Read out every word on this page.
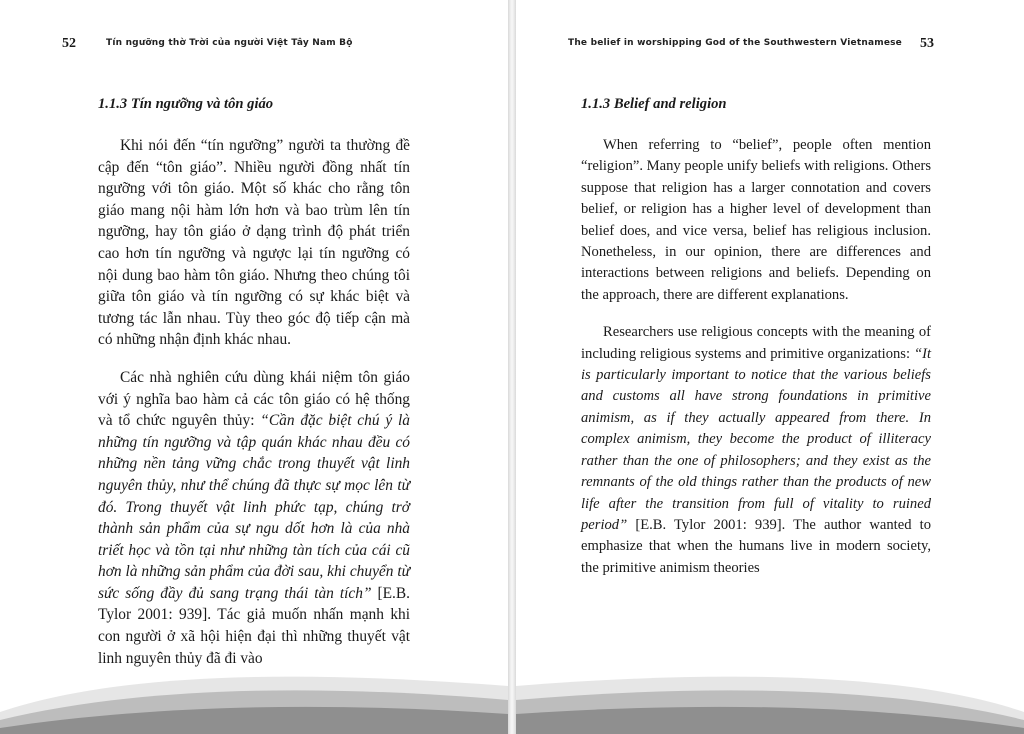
52	Tín ngưỡng thờ Trời của người Việt Tây Nam Bộ
1.1.3 Tín ngưỡng và tôn giáo

Khi nói đến “tín ngưỡng” người ta thường đề cập đến “tôn giáo”. Nhiều người đồng nhất tín ngưỡng với tôn giáo. Một số khác cho rằng tôn giáo mang nội hàm lớn hơn và bao trùm lên tín ngưỡng, hay tôn giáo ở dạng trình độ phát triển cao hơn tín ngưỡng và ngược lại tín ngưỡng có nội dung bao hàm tôn giáo. Nhưng theo chúng tôi giữa tôn giáo và tín ngưỡng có sự khác biệt và tương tác lẫn nhau. Tùy theo góc độ tiếp cận mà có những nhận định khác nhau.

Các nhà nghiên cứu dùng khái niệm tôn giáo với ý nghĩa bao hàm cả các tôn giáo có hệ thống và tổ chức nguyên thủy: “Cần đặc biệt chú ý là những tín ngưỡng và tập quán khác nhau đều có những nền tảng vững chắc trong thuyết vật linh nguyên thủy, như thể chúng đã thực sự mọc lên từ đó. Trong thuyết vật linh phức tạp, chúng trở thành sản phẩm của sự ngu dốt hơn là của nhà triết học và tồn tại như những tàn tích của cái cũ hơn là những sản phẩm của đời sau, khi chuyển từ sức sống đầy đủ sang trạng thái tàn tích” [E.B. Tylor 2001: 939]. Tác giả muốn nhấn mạnh khi con người ở xã hội hiện đại thì những thuyết vật linh nguyên thủy đã đi vào

The belief in worshipping God of the Southwestern Vietnamese 53
1.1.3 Belief and religion

When referring to “belief”, people often mention “religion”. Many people unify beliefs with religions. Others suppose that religion has a larger connotation and covers belief, or religion has a higher level of development than belief does, and vice versa, belief has religious inclusion. Nonetheless, in our opinion, there are differences and interactions between religions and beliefs. Depending on the approach, there are different explanations.

Researchers use religious concepts with the meaning of including religious systems and primitive organizations: “It is particularly important to notice that the various beliefs and customs all have strong foundations in primitive animism, as if they actually appeared from there. In complex animism, they become the product of illiteracy rather than the one of philosophers; and they exist as the remnants of the old things rather than the products of new life after the transition from full of vitality to ruined period” [E.B. Tylor 2001: 939]. The author wanted to emphasize that when the humans live in modern society, the primitive animism theories
